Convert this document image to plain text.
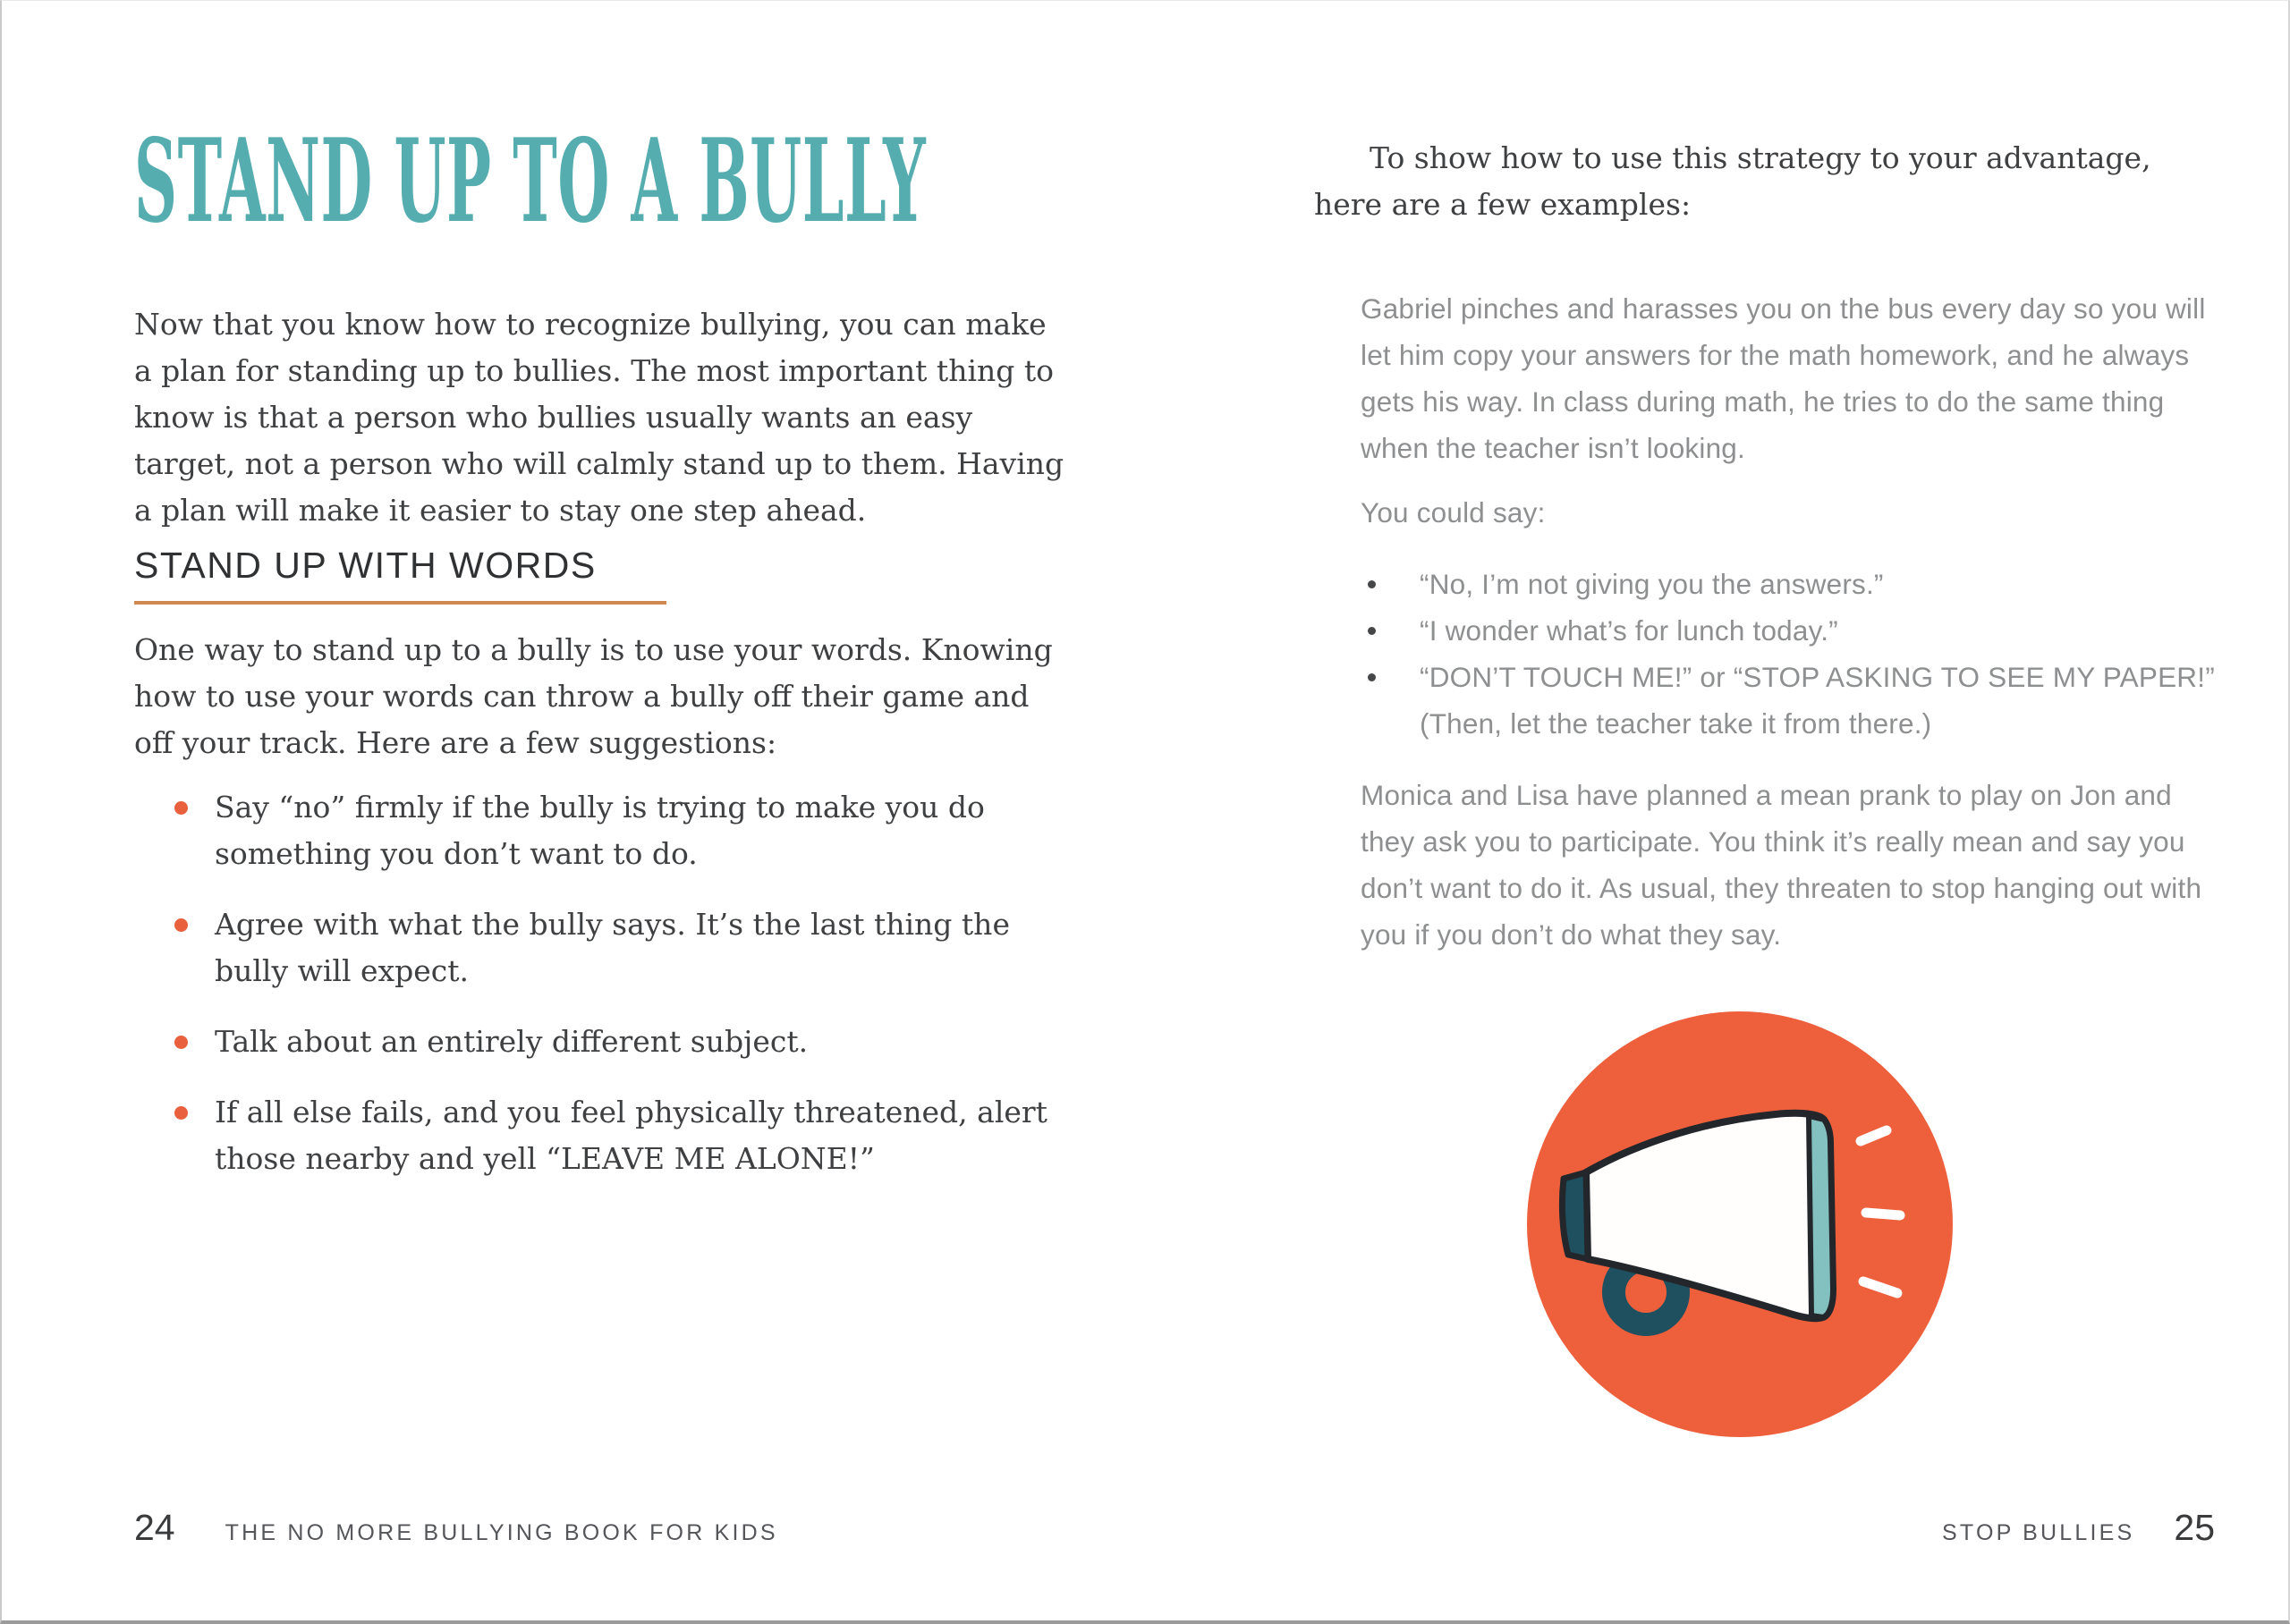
STAND UP TO A BULLY

Now that you know how to recognize bullying, you can make a plan for standing up to bullies. The most important thing to know is that a person who bullies usually wants an easy target, not a person who will calmly stand up to them. Having a plan will make it easier to stay one step ahead.

STAND UP WITH WORDS

One way to stand up to a bully is to use your words. Knowing how to use your words can throw a bully off their game and off your track. Here are a few suggestions:

Say “no” firmly if the bully is trying to make you do something you don’t want to do.
Agree with what the bully says. It’s the last thing the bully will expect.
Talk about an entirely different subject.
If all else fails, and you feel physically threatened, alert those nearby and yell “LEAVE ME ALONE!”

To show how to use this strategy to your advantage, here are a few examples:

Gabriel pinches and harasses you on the bus every day so you will let him copy your answers for the math homework, and he always gets his way. In class during math, he tries to do the same thing when the teacher isn’t looking.

You could say:

“No, I’m not giving you the answers.”
“I wonder what’s for lunch today.”
“DON’T TOUCH ME!” or “STOP ASKING TO SEE MY PAPER!” (Then, let the teacher take it from there.)

Monica and Lisa have planned a mean prank to play on Jon and they ask you to participate. You think it’s really mean and say you don’t want to do it. As usual, they threaten to stop hanging out with you if you don’t do what they say.

24 THE NO MORE BULLYING BOOK FOR KIDS	STOP BULLIES 25
